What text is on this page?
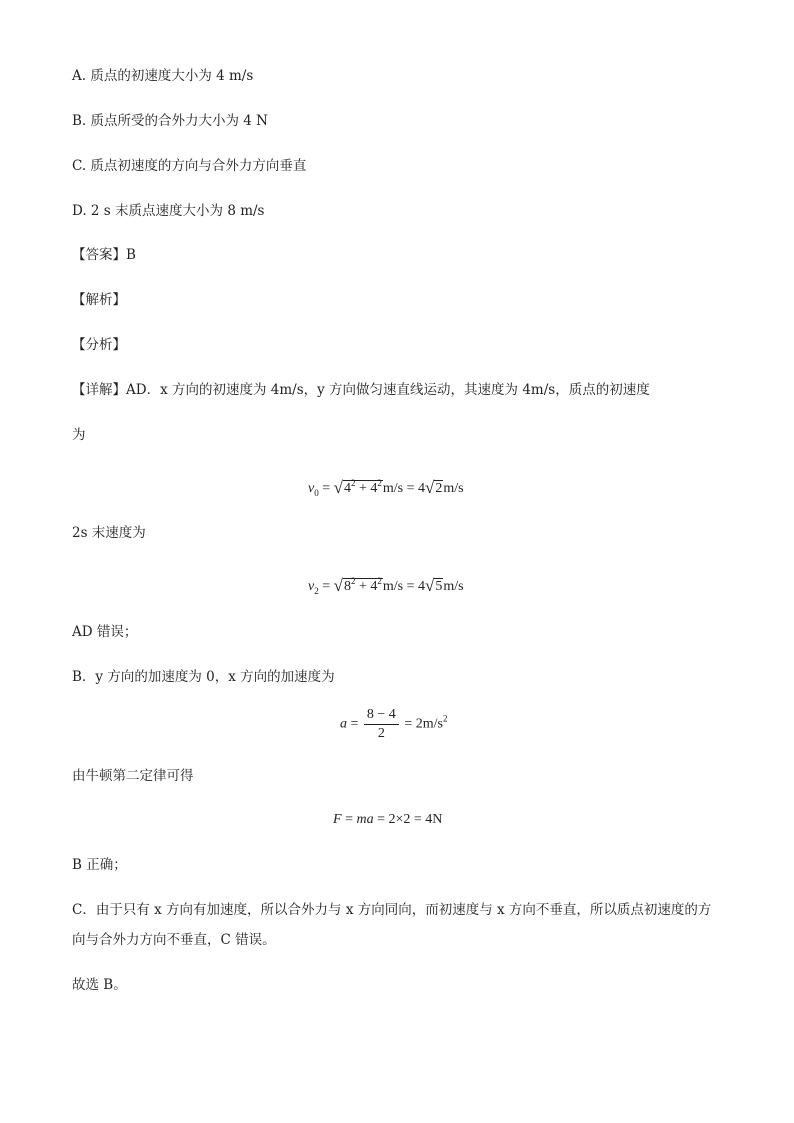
A. 质点的初速度大小为 4 m/s
B. 质点所受的合外力大小为 4 N
C. 质点初速度的方向与合外力方向垂直
D. 2 s 末质点速度大小为 8 m/s
【答案】B
【解析】
【分析】
【详解】AD．x 方向的初速度为 4m/s，y 方向做匀速直线运动，其速度为 4m/s，质点的初速度
为
$v_0 = √4^2 + 4^2m/s = 4√2m/s$
2s 末速度为
$v_2 = √8^2 + 4^2m/s = 4√5m/s$
AD 错误；
B．y 方向的加速度为 0，x 方向的加速度为
$a = \frac{8 - 4}{2} = 2m/s^2$
由牛顿第二定律可得
F = ma = 2×2 = 4N
B 正确；
C．由于只有 x 方向有加速度，所以合外力与 x 方向同向，而初速度与 x 方向不垂直，所以质点初速度的方
向与合外力方向不垂直，C 错误。
故选 B。
